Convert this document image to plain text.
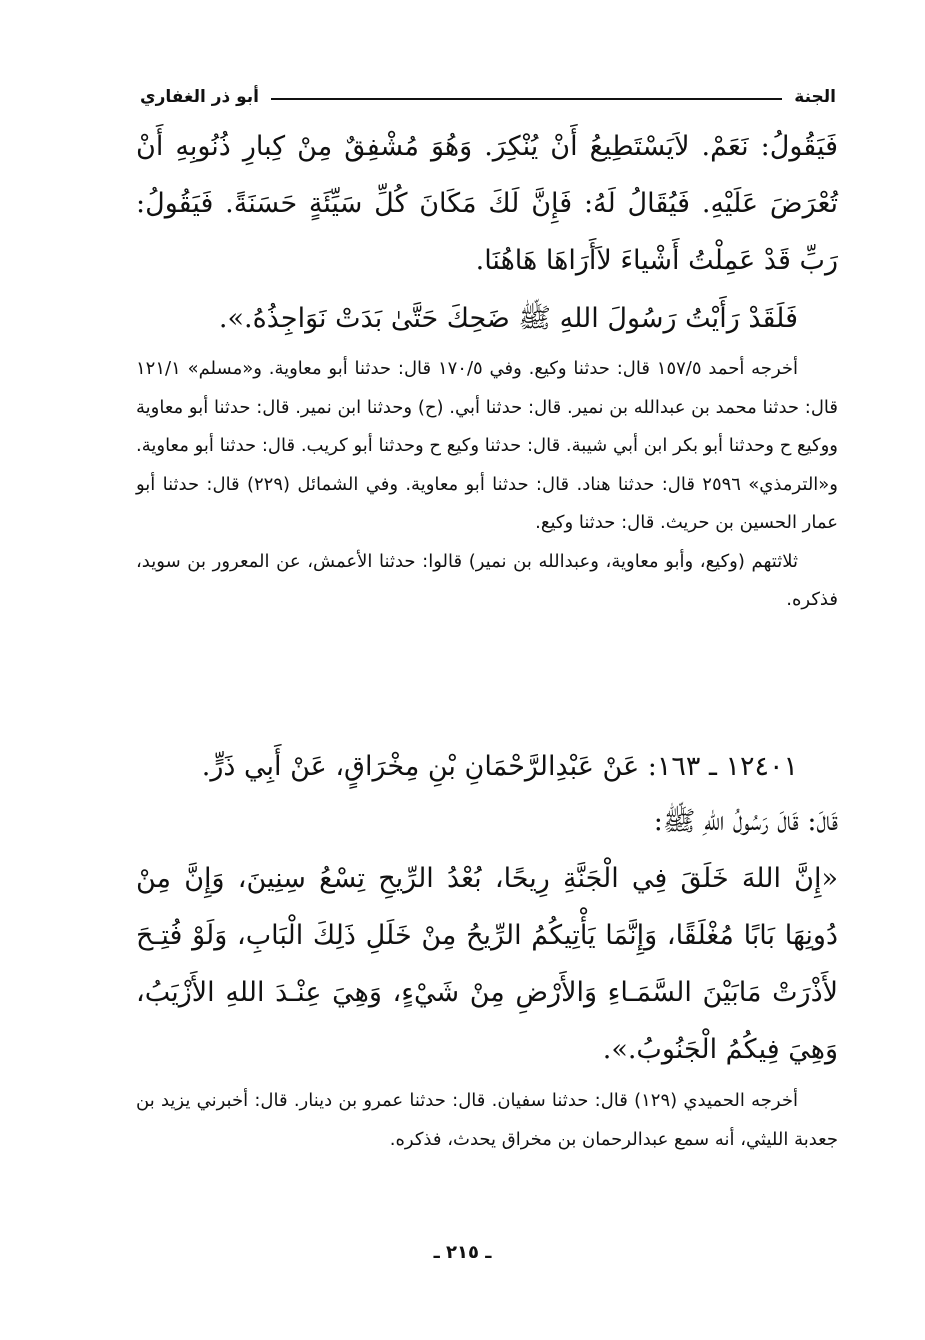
الجنة
أبو ذر الغفاري
فَيَقُولُ: نَعَمْ. لاَيَسْتَطِيعُ أَنْ يُنْكِرَ. وَهُوَ مُشْفِقٌ مِنْ كِبارِ ذُنُوبِهِ أَنْ تُعْرَضَ عَلَيْهِ. فَيُقَالُ لَهُ: فَإِنَّ لَكَ مَكَانَ كُلِّ سَيِّئَةٍ حَسَنَةً. فَيَقُولُ: رَبِّ قَدْ عَمِلْتُ أَشْياءَ لاَأَرَاهَا هَاهُنَا.
فَلَقَدْ رَأَيْتُ رَسُولَ اللهِ ﷺ ضَحِكَ حَتَّىٰ بَدَتْ نَوَاجِذُهُ.».
أخرجه أحمد ١٥٧/٥ قال: حدثنا وكيع. وفي ١٧٠/٥ قال: حدثنا أبو معاوية. و«مسلم» ١٢١/١ قال: حدثنا محمد بن عبدالله بن نمير. قال: حدثنا أبي. (ح) وحدثنا ابن نمير. قال: حدثنا أبو معاوية ووكيع ح وحدثنا أبو بكر ابن أبي شيبة. قال: حدثنا وكيع ح وحدثنا أبو كريب. قال: حدثنا أبو معاوية. و«الترمذي» ٢٥٩٦ قال: حدثنا هناد. قال: حدثنا أبو معاوية. وفي الشمائل (٢٢٩) قال: حدثنا أبو عمار الحسين بن حريث. قال: حدثنا وكيع.
ثلاثتهم (وكيع، وأبو معاوية، وعبدالله بن نمير) قالوا: حدثنا الأعمش، عن المعرور بن سويد، فذكره.
١٢٤٠١ ـ ١٦٣: عَنْ عَبْدِالرَّحْمَانِ بْنِ مِخْرَاقٍ، عَنْ أَبِي ذَرٍّ.
قَالَ: قَالَ رَسُولُ اللهِ ﷺ:
«إِنَّ اللهَ خَلَقَ فِي الْجَنَّةِ رِيحًا، بُعْدُ الرِّيحِ تِسْعُ سِنِينَ، وَإِنَّ مِنْ دُونِهَا بَابًا مُغْلَقًا، وَإِنَّمَا يَأْتِيكُمُ الرِّيحُ مِنْ خَلَلِ ذَلِكَ الْبَابِ، وَلَوْ فُتِـحَ لأَذْرَتْ مَابَيْنَ السَّمَـاءِ وَالأَرْضِ مِنْ شَيْءٍ، وَهِيَ عِنْـدَ اللهِ الأَزْيَبُ، وَهِيَ فِيكُمُ الْجَنُوبُ.».
أخرجه الحميدي (١٢٩) قال: حدثنا سفيان. قال: حدثنا عمرو بن دينار. قال: أخبرني يزيد بن جعدبة الليثي، أنه سمع عبدالرحمان بن مخراق يحدث، فذكره.
ـ ٢١٥ ـ
